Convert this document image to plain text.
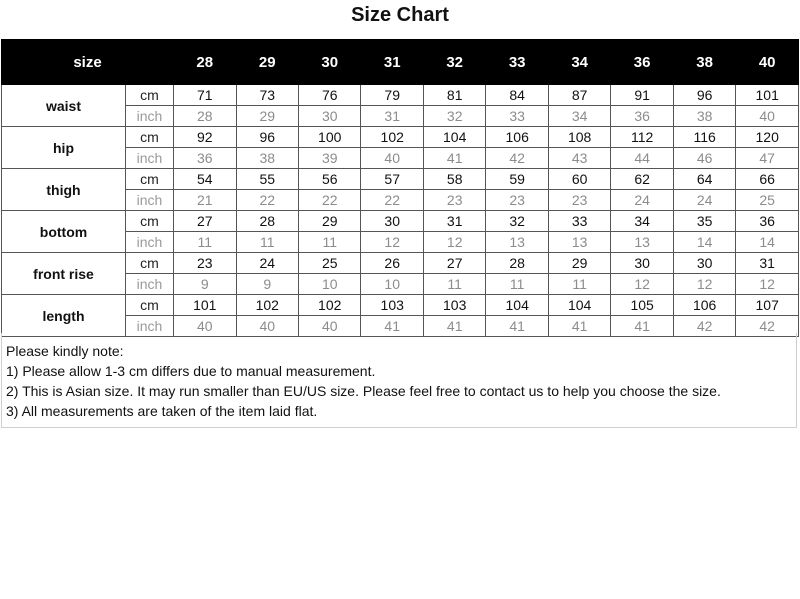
Size Chart
size		28	29	30	31	32	33	34	36	38	40
waist	cm	71	73	76	79	81	84	87	91	96	101
	inch	28	29	30	31	32	33	34	36	38	40
hip	cm	92	96	100	102	104	106	108	112	116	120
	inch	36	38	39	40	41	42	43	44	46	47
thigh	cm	54	55	56	57	58	59	60	62	64	66
	inch	21	22	22	22	23	23	23	24	24	25
bottom	cm	27	28	29	30	31	32	33	34	35	36
	inch	11	11	11	12	12	13	13	13	14	14
front rise	cm	23	24	25	26	27	28	29	30	30	31
	inch	9	9	10	10	11	11	11	12	12	12
length	cm	101	102	102	103	103	104	104	105	106	107
	inch	40	40	40	41	41	41	41	41	42	42
Please kindly note:
1) Please allow 1-3 cm differs due to manual measurement.
2) This is Asian size. It may run smaller than EU/US size. Please feel free to contact us to help you choose the size.
3) All measurements are taken of the item laid flat.
